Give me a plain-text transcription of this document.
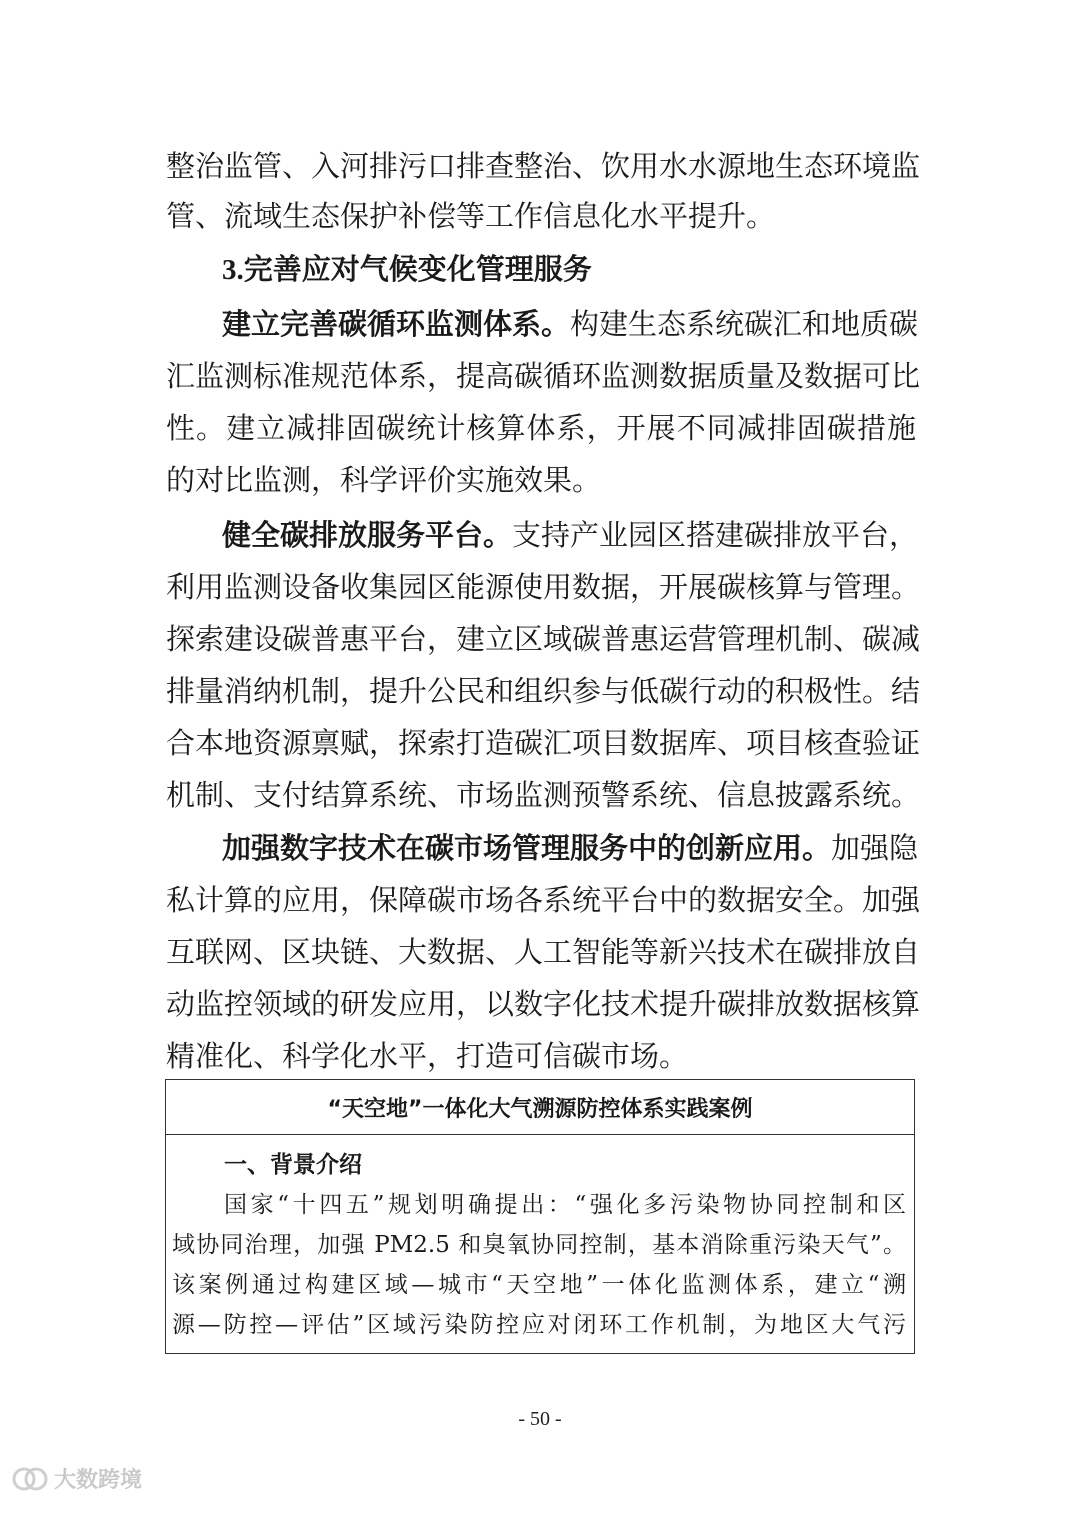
整治监管、入河排污口排查整治、饮用水水源地生态环境监
管、流域生态保护补偿等工作信息化水平提升。
3.完善应对气候变化管理服务
建立完善碳循环监测体系。构建生态系统碳汇和地质碳
汇监测标准规范体系，提高碳循环监测数据质量及数据可比
性。建立减排固碳统计核算体系，开展不同减排固碳措施
的对比监测，科学评价实施效果。
健全碳排放服务平台。支持产业园区搭建碳排放平台，
利用监测设备收集园区能源使用数据，开展碳核算与管理。
探索建设碳普惠平台，建立区域碳普惠运营管理机制、碳减
排量消纳机制，提升公民和组织参与低碳行动的积极性。结
合本地资源禀赋，探索打造碳汇项目数据库、项目核查验证
机制、支付结算系统、市场监测预警系统、信息披露系统。
加强数字技术在碳市场管理服务中的创新应用。加强隐
私计算的应用，保障碳市场各系统平台中的数据安全。加强
互联网、区块链、大数据、人工智能等新兴技术在碳排放自
动监控领域的研发应用，以数字化技术提升碳排放数据核算
精准化、科学化水平，打造可信碳市场。
“天空地”一体化大气溯源防控体系实践案例
一、背景介绍
国家“十四五”规划明确提出：“强化多污染物协同控制和区
域协同治理，加强 PM2.5 和臭氧协同控制，基本消除重污染天气”。
该案例通过构建区域—城市“天空地”一体化监测体系，建立“溯
源—防控—评估”区域污染防控应对闭环工作机制，为地区大气污
- 50 -
大数跨境
